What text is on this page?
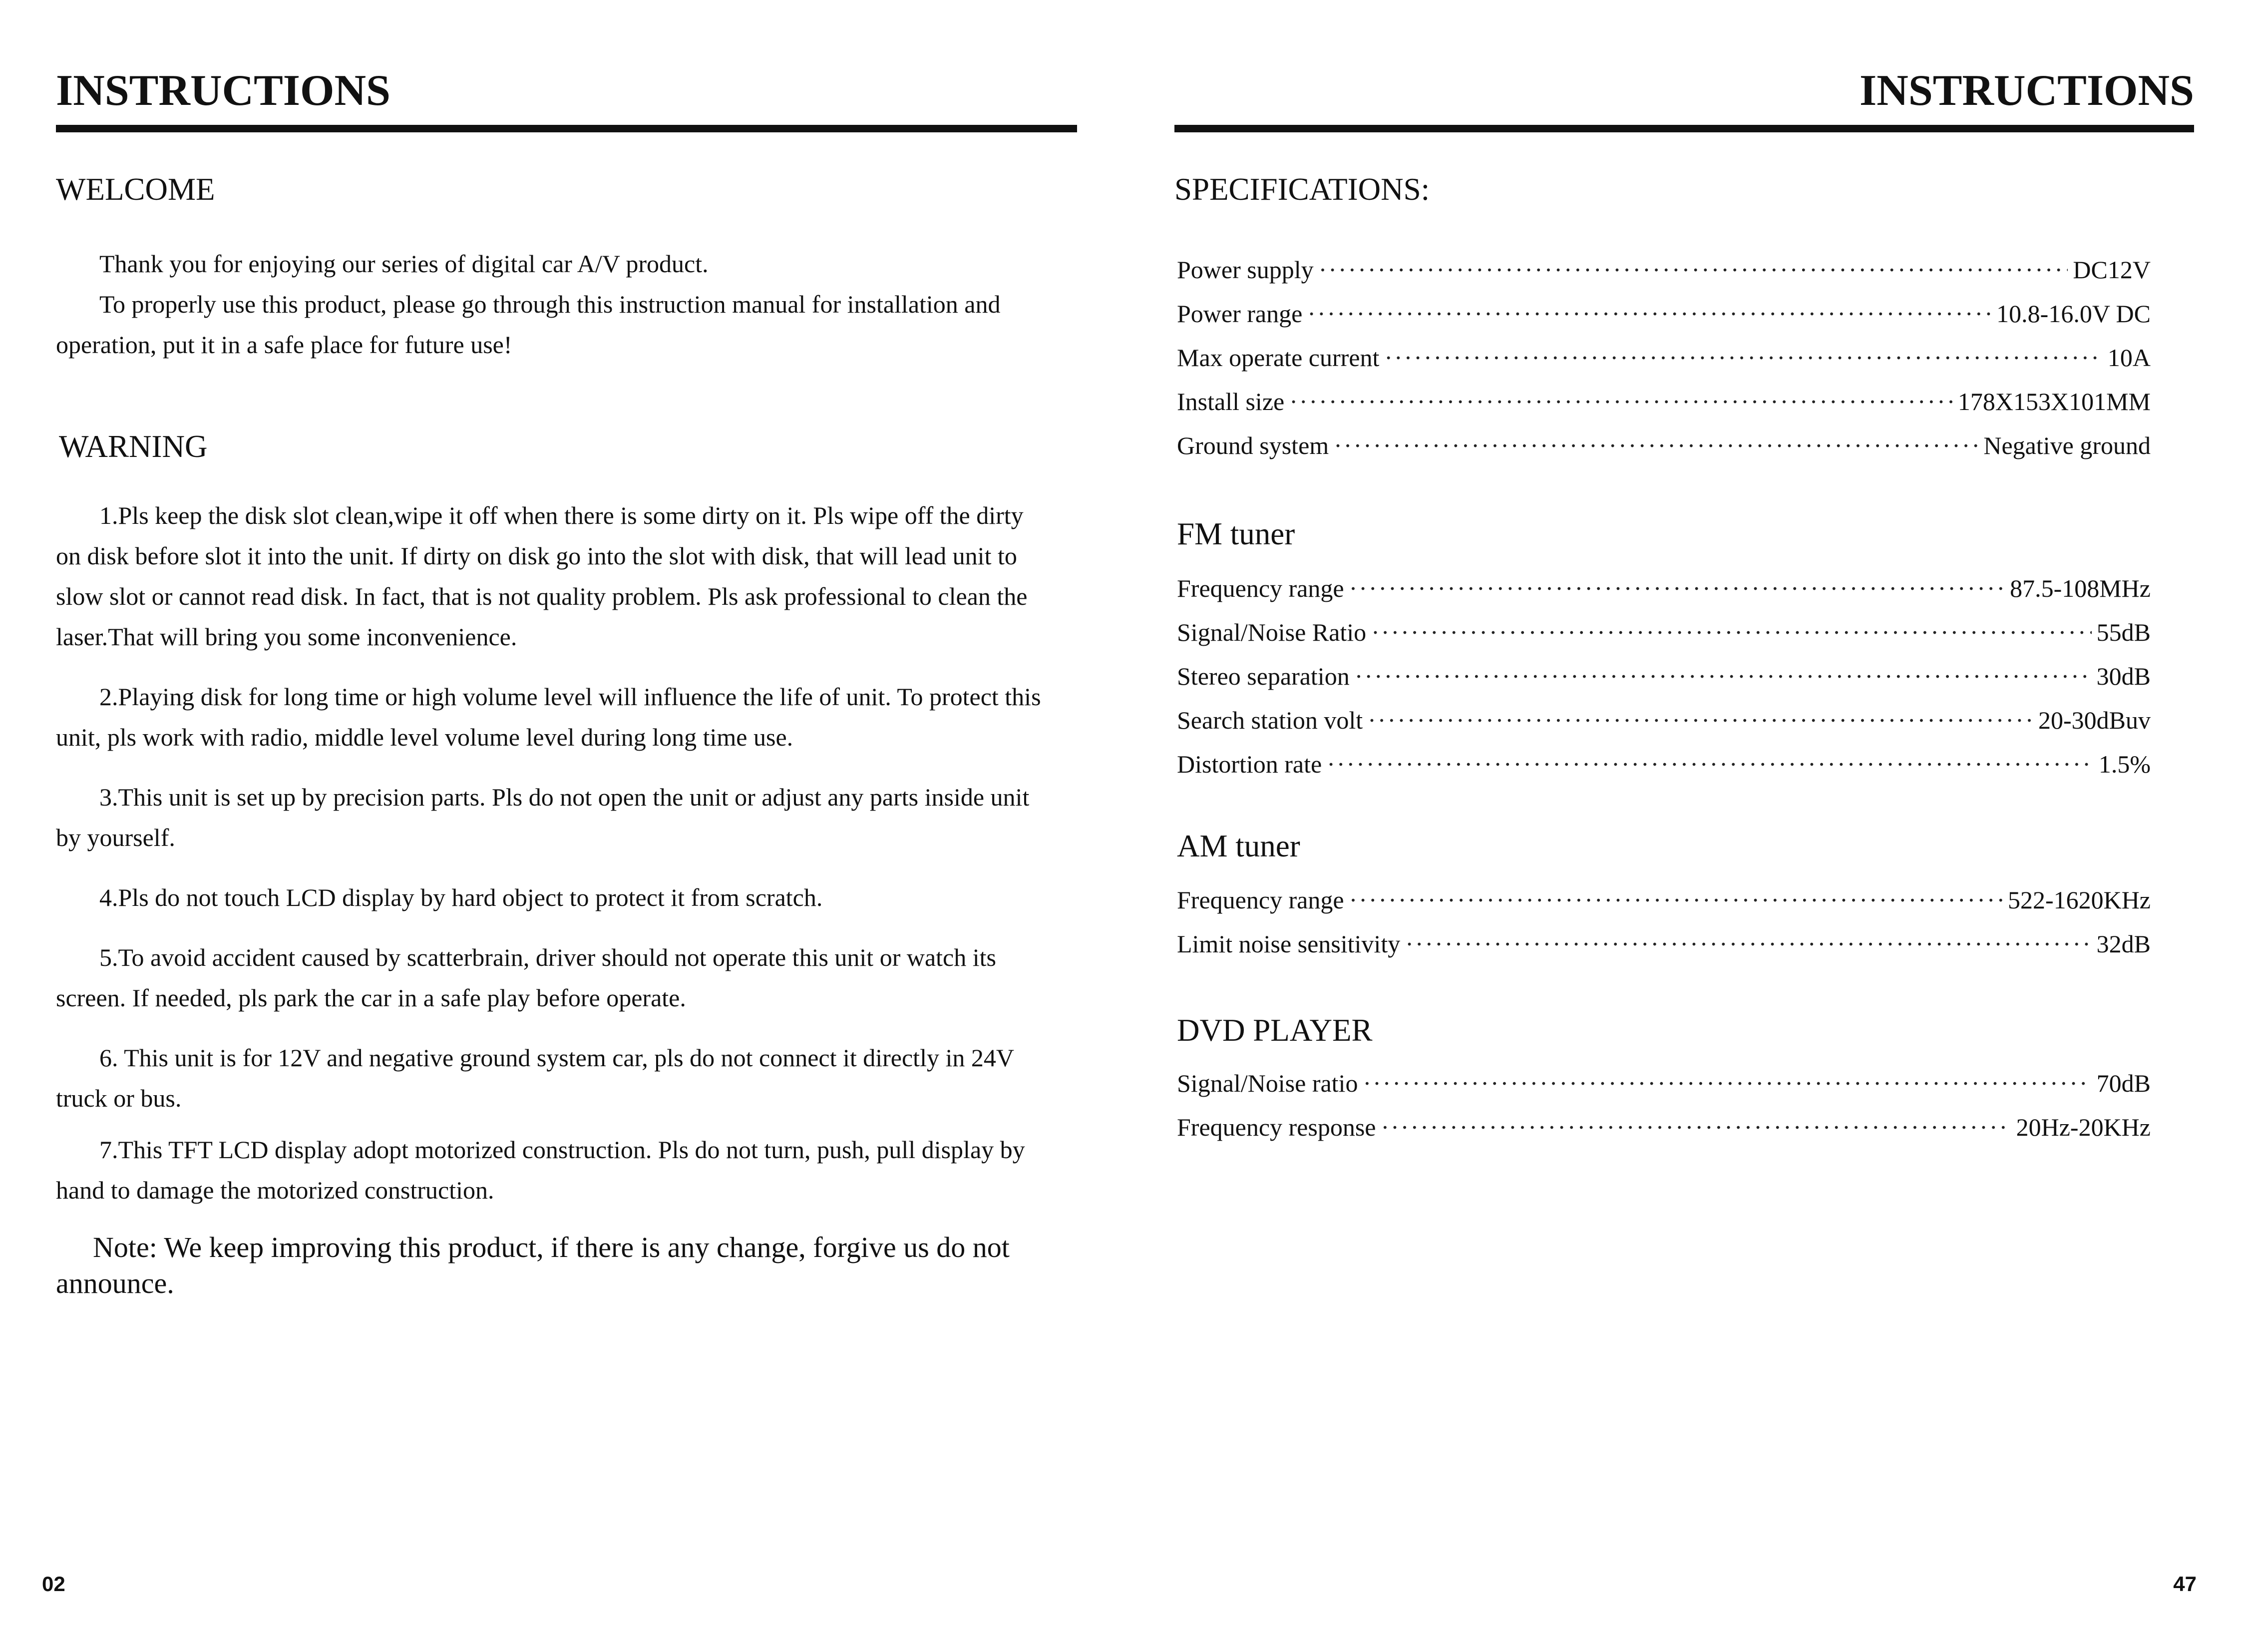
INSTRUCTIONS
WELCOME

Thank you for enjoying our series of digital car A/V product.

To properly use this product, please go through this instruction manual for installation and operation, put it in a safe place for future use!

WARNING

1.Pls keep the disk slot clean,wipe it off when there is some dirty on it. Pls wipe off the dirty on disk before slot it into the unit. If dirty on disk go into the slot with disk, that will lead unit to slow slot or cannot read disk. In fact, that is not quality problem. Pls ask professional to clean the laser.That will bring you some inconvenience.

2.Playing disk for long time or high volume level will influence the life of unit. To protect this unit, pls work with radio, middle level volume level during long time use.

3.This unit is set up by precision parts. Pls do not open the unit or adjust any parts inside unit by yourself.

4.Pls do not touch LCD display by hard object to protect it from scratch.

5.To avoid accident caused by scatterbrain, driver should not operate this unit or watch its screen. If needed, pls park the car in a safe play before operate.

6. This unit is for 12V and negative ground system car, pls do not connect it directly in 24V truck or bus.

7.This TFT LCD display adopt motorized construction. Pls do not turn, push, pull display by hand to damage the motorized construction.

Note: We keep improving this product, if there is any change, forgive us do not announce.

02
INSTRUCTIONS
SPECIFICATIONS:
Power supply ·····	DC12V
Power range ·····	10.8-16.0V DC
Max operate current ·····	10A
Install size ·····	178X153X101MM
Ground system ·····	Negative ground
FM tuner
Frequency range ·····	87.5-108MHz
Signal/Noise Ratio ·····	55dB
Stereo separation ·····	30dB
Search station volt ·····	20-30dBuv
Distortion rate ·····	1.5%
AM tuner
Frequency range ·····	522-1620KHz
Limit noise sensitivity ·····	32dB
DVD PLAYER
Signal/Noise ratio ·····	70dB
Frequency response ·····	20Hz-20KHz
47
